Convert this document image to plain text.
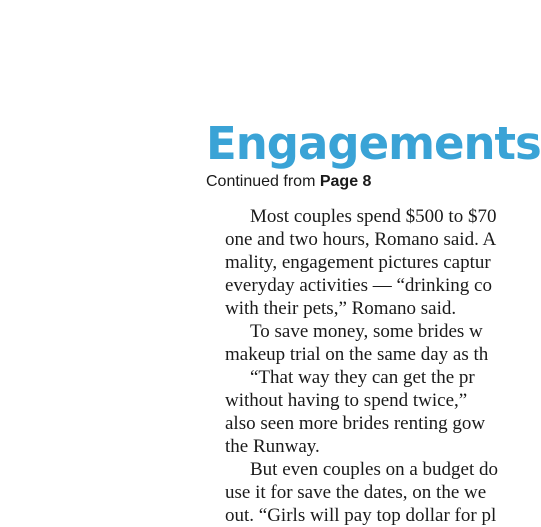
Engagements

Continued from Page 8

Most couples spend $500 to $70
one and two hours, Romano said. A
mality, engagement pictures captur
everyday activities — “drinking co
with their pets,” Romano said.
To save money, some brides w
makeup trial on the same day as th
“That way they can get the pr
without having to spend twice,”
also seen more brides renting gow
the Runway.
But even couples on a budget do
use it for save the dates, on the we
out. “Girls will pay top dollar for pl
